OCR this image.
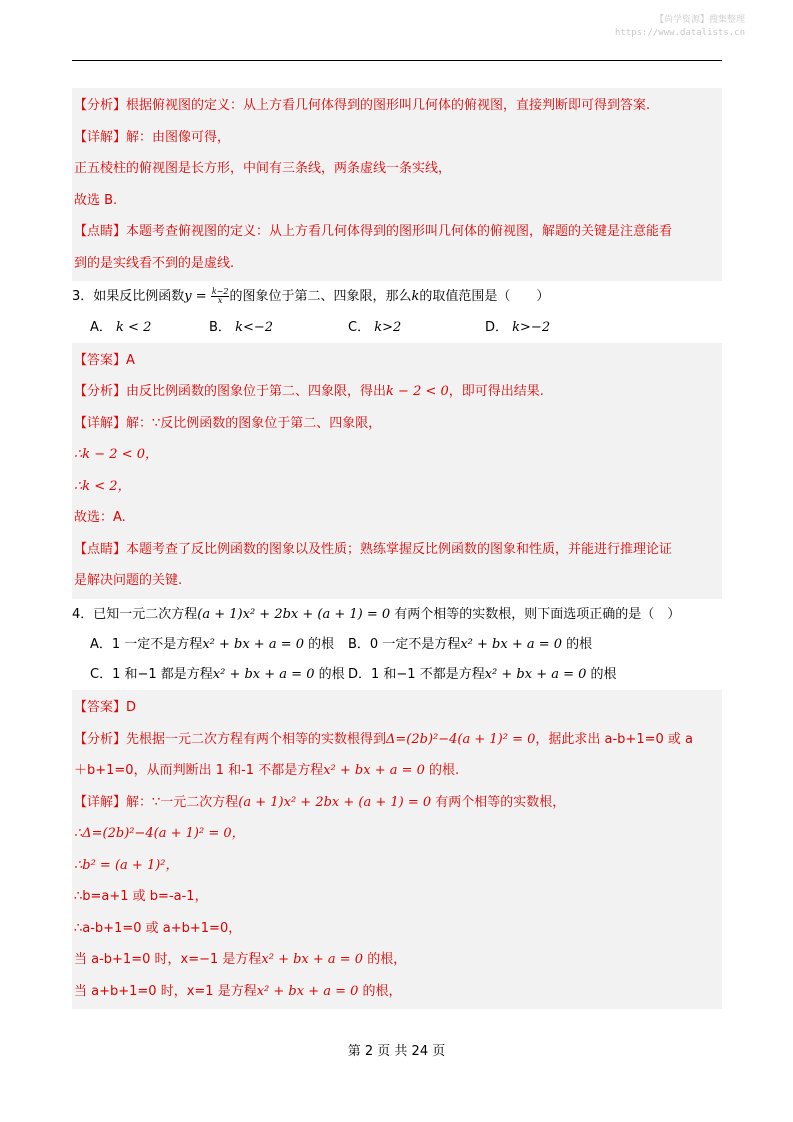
【尚学资源】搜集整理
https://www.datalists.cn
【分析】根据俯视图的定义：从上方看几何体得到的图形叫几何体的俯视图，直接判断即可得到答案.
【详解】解：由图像可得，
正五棱柱的俯视图是长方形，中间有三条线，两条虚线一条实线，
故选 B.
【点睛】本题考查俯视图的定义：从上方看几何体得到的图形叫几何体的俯视图，解题的关键是注意能看
到的是实线看不到的是虚线.
3．如果反比例函数$y = \frac{k-2}{x}$ 的图象位于第二、四象限，那么k的取值范围是（　　）
A． k < 2	B． k<−2	C． k>2	D． k>−2
【答案】A
【分析】由反比例函数的图象位于第二、四象限，得出k − 2 < 0，即可得出结果.
【详解】解：∵反比例函数的图象位于第二、四象限，
∴k − 2 < 0，
∴k < 2，
故选：A.
【点睛】本题考查了反比例函数的图象以及性质；熟练掌握反比例函数的图象和性质，并能进行推理论证
是解决问题的关键.
4．已知一元二次方程(a + 1)x² + 2bx + (a + 1) = 0 有两个相等的实数根，则下面选项正确的是（　）
A．1 一定不是方程x² + bx + a = 0 的根 B．0 一定不是方程x² + bx + a = 0 的根
C．1 和−1 都是方程x² + bx + a = 0 的根 D．1 和−1 不都是方程x² + bx + a = 0 的根
【答案】D
【分析】先根据一元二次方程有两个相等的实数根得到Δ=(2b)²−4(a + 1)² = 0，据此求出 a-b+1=0 或 a
＋b+1=0，从而判断出 1 和-1 不都是方程x² + bx + a = 0 的根.
【详解】解：∵一元二次方程(a + 1)x² + 2bx + (a + 1) = 0 有两个相等的实数根，
∴Δ=(2b)²−4(a + 1)² = 0，
∴b² = (a + 1)²，
∴b=a+1 或 b=-a-1，
∴a-b+1=0 或 a+b+1=0，
当 a-b+1=0 时，x=−1 是方程x² + bx + a = 0 的根，
当 a+b+1=0 时，x=1 是方程x² + bx + a = 0 的根，
第 2 页 共 24 页
